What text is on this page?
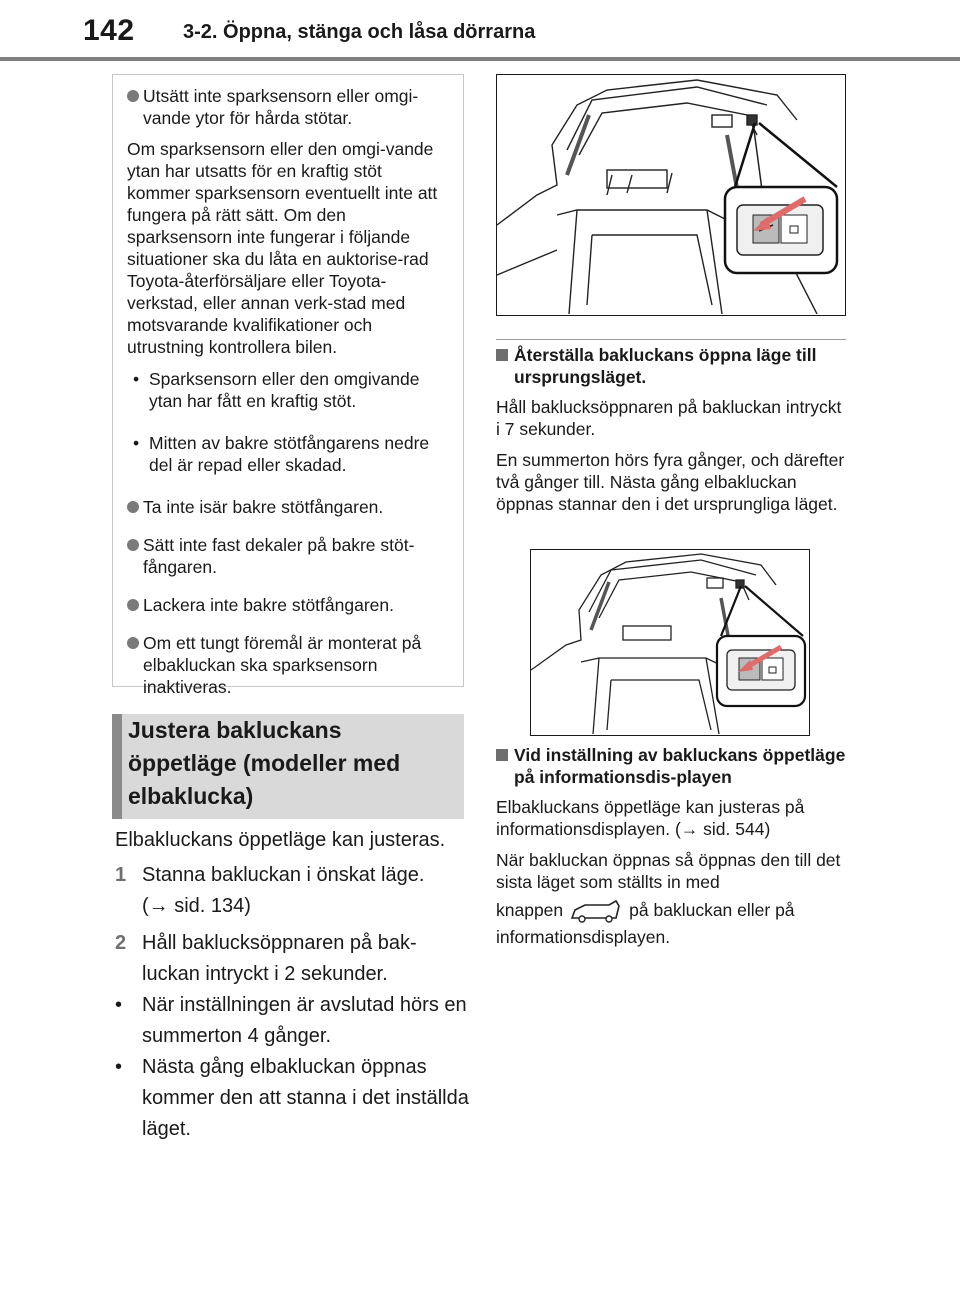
142 3-2. Öppna, stänga och låsa dörrarna
Utsätt inte sparksensorn eller omgi-vande ytor för hårda stötar.

Om sparksensorn eller den omgi-vande ytan har utsatts för en kraftig stöt kommer sparksensorn eventuellt inte att fungera på rätt sätt. Om den sparksensorn inte fungerar i följande situationer ska du låta en auktorise-rad Toyota-återförsäljare eller Toyota-verkstad, eller annan verk-stad med motsvarande kvalifikationer och utrustning kontrollera bilen.

• Sparksensorn eller den omgivande ytan har fått en kraftig stöt.
• Mitten av bakre stötfångarens nedre del är repad eller skadad.
Ta inte isär bakre stötfångaren.
Sätt inte fast dekaler på bakre stöt-fångaren.
Lackera inte bakre stötfångaren.
Om ett tungt föremål är monterat på elbakluckan ska sparksensorn inaktiveras.
Justera bakluckans öppetläge (modeller med elbaklucka)

Elbakluckans öppetläge kan justeras.

1 Stanna bakluckan i önskat läge.
(→ sid. 134)
2 Håll baklucksöppnaren på bak-luckan intryckt i 2 sekunder.
• När inställningen är avslutad hörs en summerton 4 gånger.
• Nästa gång elbakluckan öppnas kommer den att stanna i det inställda läget.
Återställa bakluckans öppna läge till ursprungsläget.

Håll baklucksöppnaren på bakluckan intryckt i 7 sekunder.

En summerton hörs fyra gånger, och därefter två gånger till. Nästa gång elbakluckan öppnas stannar den i det ursprungliga läget.

Vid inställning av bakluckans öppetläge på informationsdis-playen

Elbakluckans öppetläge kan justeras på informationsdisplayen. (→ sid. 544)

När bakluckan öppnas så öppnas den till det sista läget som ställts in med

knappen	på bakluckan eller på informationsdisplayen.
